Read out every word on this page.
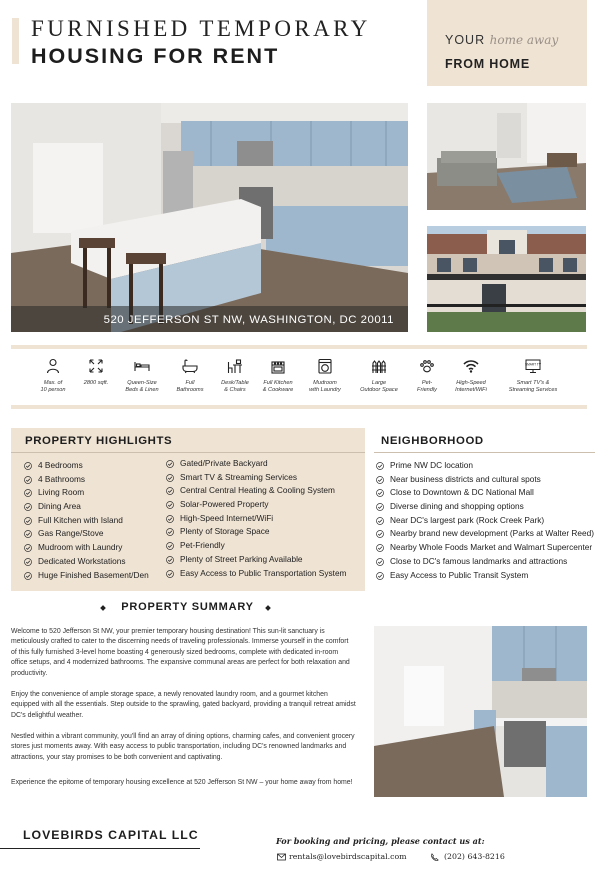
FURNISHED TEMPORARY
HOUSING FOR RENT
YOUR home away
FROM HOME
520 JEFFERSON ST NW, WASHINGTON, DC 20011
Max. of
10 person
2800 sqft.	Queen-Size
Beds & Linen
Full
Bathrooms
Desk/Table
& Chairs
Full Kitchen
& Cookware
Mudroom
with Laundry
Large
Outdoor Space
Pet-
Friendly
High-Speed
Internet/WiFi
SMART TV
Smart TV's &
Streaming Services
PROPERTY HIGHLIGHTS
4 Bedrooms
4 Bathrooms
Living Room
Dining Area
Full Kitchen with Island
Gas Range/Stove
Mudroom with Laundry
Dedicated Workstations
Huge Finished Basement/Den
Gated/Private Backyard
Smart TV & Streaming Services
Central Central Heating & Cooling System
Solar-Powered Property
High-Speed Internet/WiFi
Plenty of Storage Space
Pet-Friendly
Plenty of Street Parking Available
Easy Access to Public Transportation System
NEIGHBORHOOD
Prime NW DC location
Near business districts and cultural spots
Close to Downtown & DC National Mall
Diverse dining and shopping options
Near DC's largest park (Rock Creek Park)
Nearby brand new development (Parks at Walter Reed)
Nearby Whole Foods Market and Walmart Supercenter
Close to DC's famous landmarks and attractions
Easy Access to Public Transit System
PROPERTY SUMMARY

Welcome to 520 Jefferson St NW, your premier temporary housing destination! This sun-lit sanctuary is meticulously crafted to cater to the discerning needs of traveling professionals. Immerse yourself in the comfort of this fully furnished 3-level home boasting 4 generously sized bedrooms, complete with dedicated in-room office setups, and 4 modernized bathrooms. The expansive communal areas are perfect for both relaxation and productivity.

Enjoy the convenience of ample storage space, a newly renovated laundry room, and a gourmet kitchen equipped with all the essentials. Step outside to the sprawling, gated backyard, providing a tranquil retreat amidst DC's delightful weather.

Nestled within a vibrant community, you'll find an array of dining options, charming cafes, and convenient grocery stores just moments away. With easy access to public transportation, including DC's renowned landmarks and attractions, your stay promises to be both convenient and captivating.

Experience the epitome of temporary housing excellence at 520 Jefferson St NW – your home away from home!

LOVEBIRDS CAPITAL LLC	For booking and pricing, please contact us at:
rentals@lovebirdscapital.com	(202) 643-8216
